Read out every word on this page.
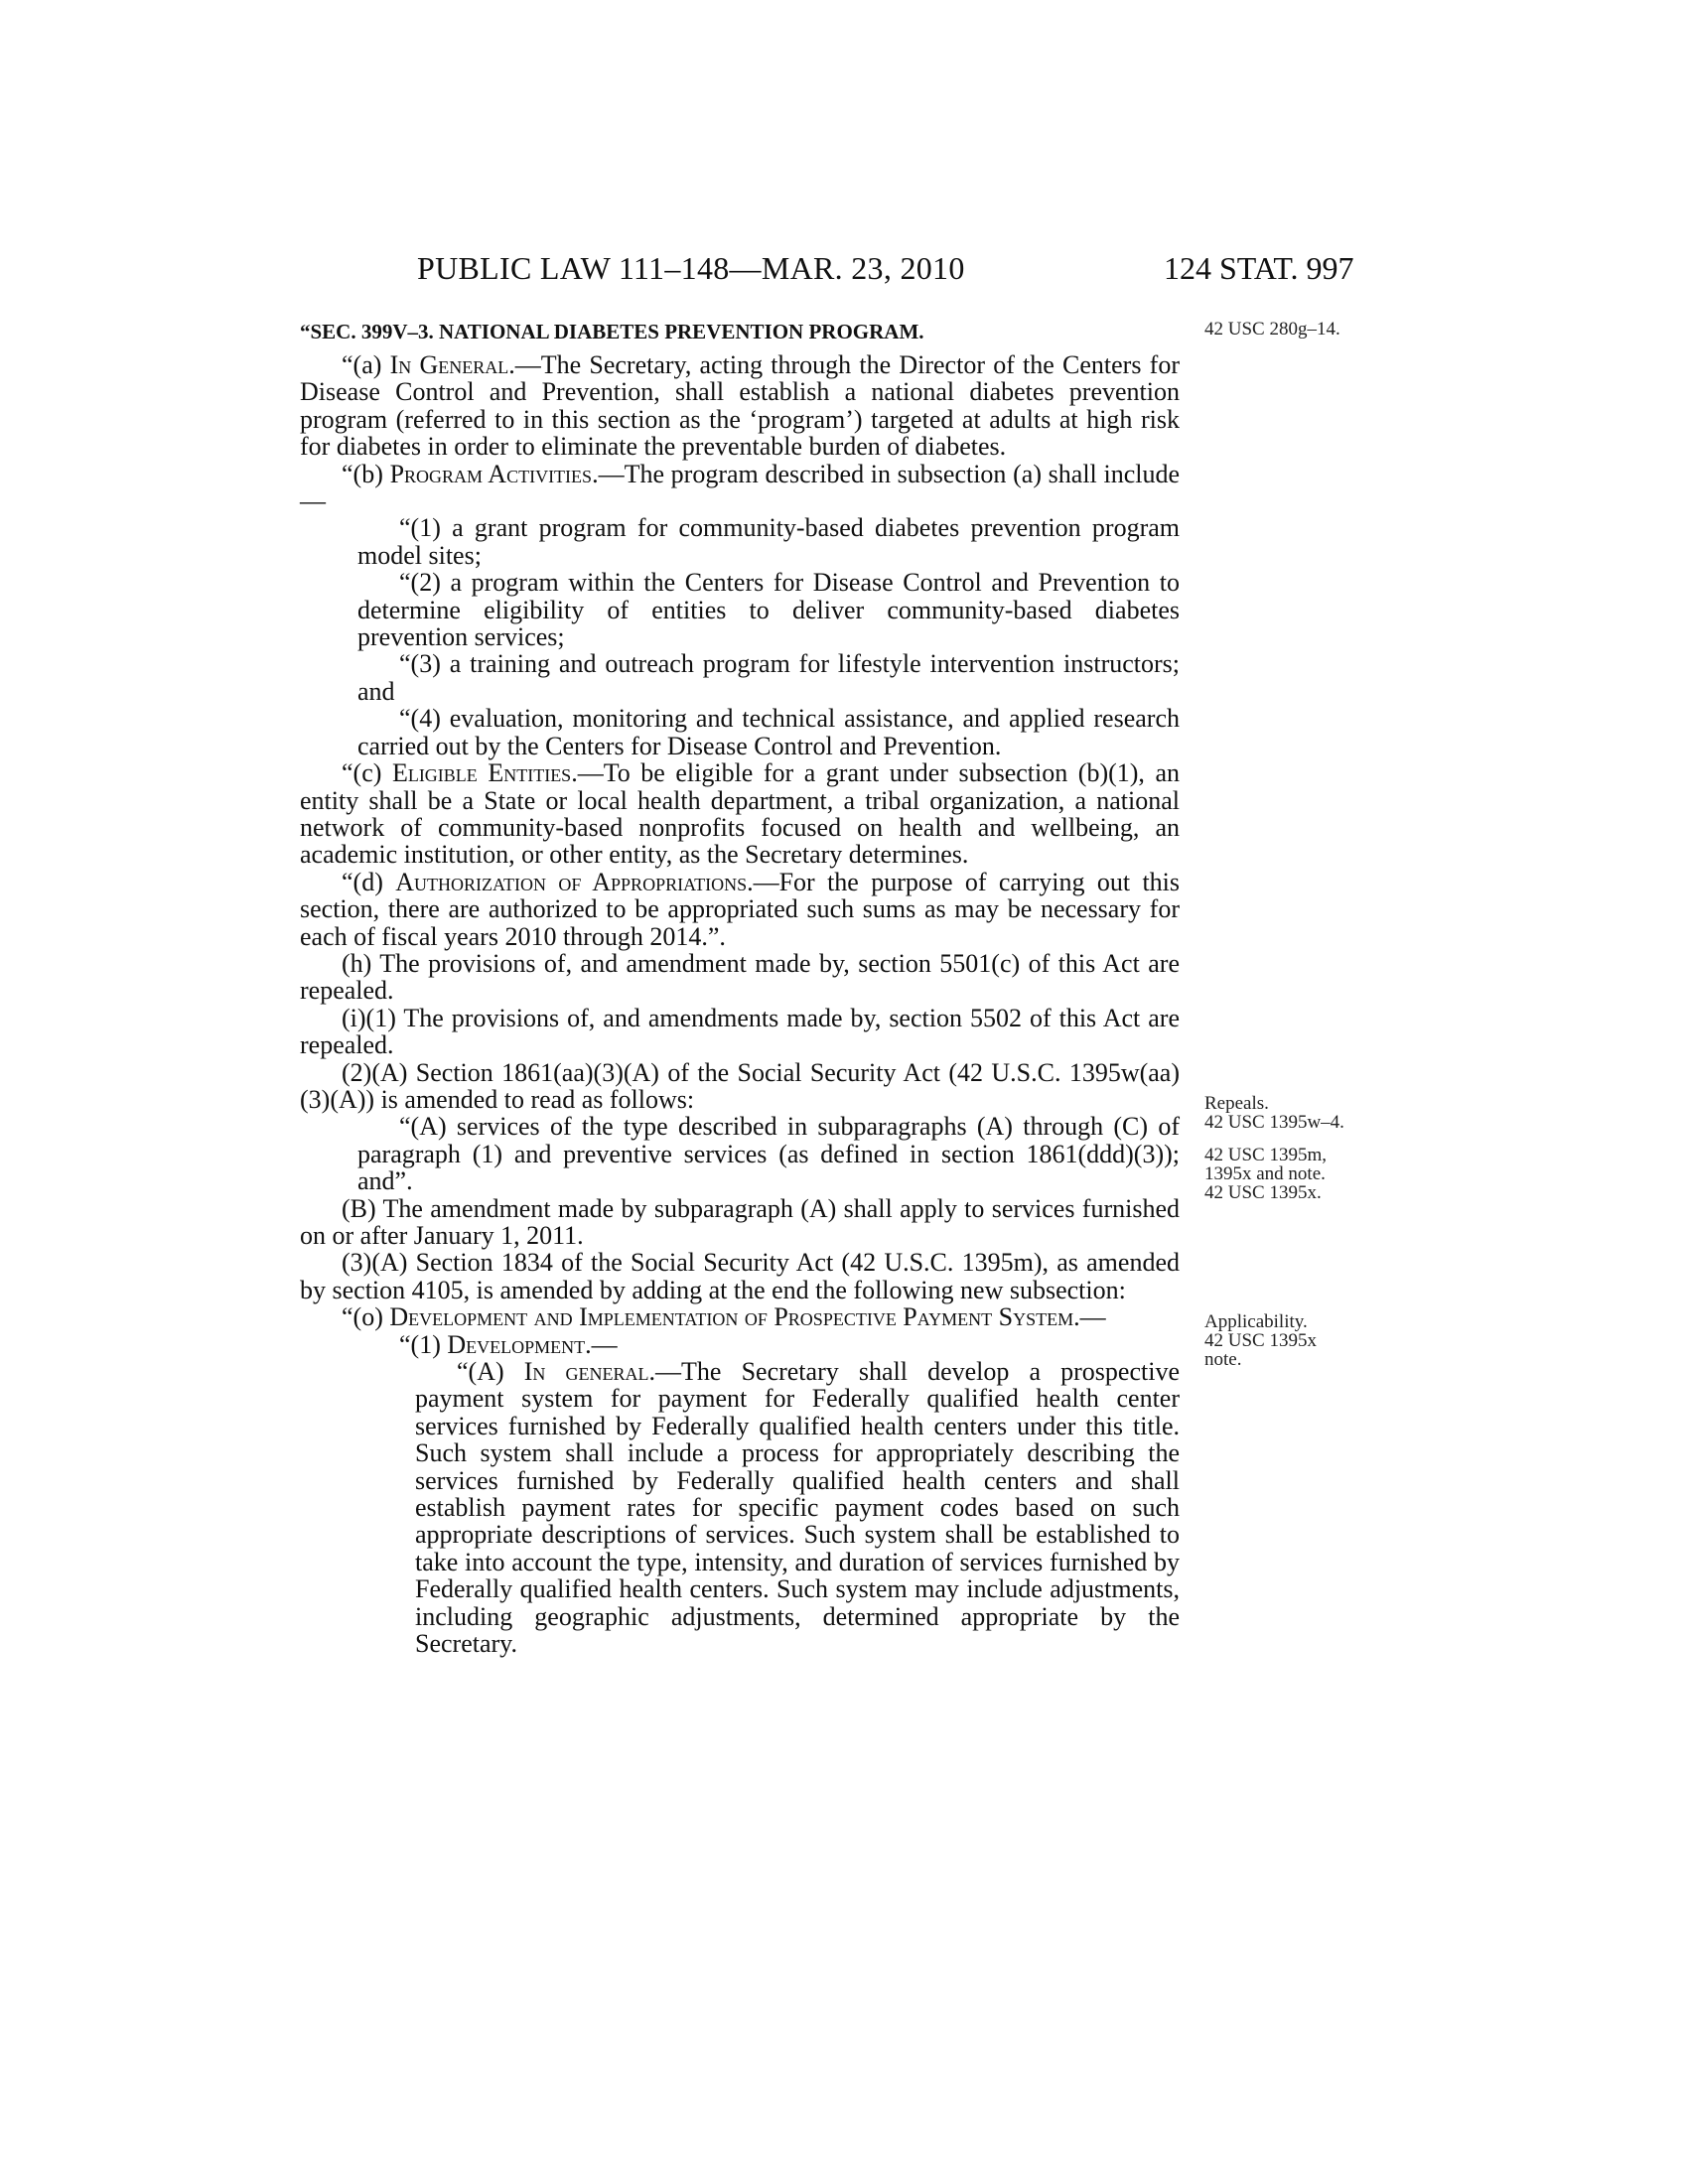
PUBLIC LAW 111–148—MAR. 23, 2010	124 STAT. 997
“SEC. 399V–3. NATIONAL DIABETES PREVENTION PROGRAM.

“(a) In General.—The Secretary, acting through the Director of the Centers for Disease Control and Prevention, shall establish a national diabetes prevention program (referred to in this section as the ‘program’) targeted at adults at high risk for diabetes in order to eliminate the preventable burden of diabetes.

“(b) Program Activities.—The program described in subsection (a) shall include—

“(1) a grant program for community-based diabetes prevention program model sites;

“(2) a program within the Centers for Disease Control and Prevention to determine eligibility of entities to deliver community-based diabetes prevention services;

“(3) a training and outreach program for lifestyle intervention instructors; and

“(4) evaluation, monitoring and technical assistance, and applied research carried out by the Centers for Disease Control and Prevention.

“(c) Eligible Entities.—To be eligible for a grant under subsection (b)(1), an entity shall be a State or local health department, a tribal organization, a national network of community-based nonprofits focused on health and wellbeing, an academic institution, or other entity, as the Secretary determines.

“(d) Authorization of Appropriations.—For the purpose of carrying out this section, there are authorized to be appropriated such sums as may be necessary for each of fiscal years 2010 through 2014.”.

(h) The provisions of, and amendment made by, section 5501(c) of this Act are repealed.

(i)(1) The provisions of, and amendments made by, section 5502 of this Act are repealed.

(2)(A) Section 1861(aa)(3)(A) of the Social Security Act (42 U.S.C. 1395w(aa)(3)(A)) is amended to read as follows:

“(A) services of the type described in subparagraphs (A) through (C) of paragraph (1) and preventive services (as defined in section 1861(ddd)(3)); and”.

(B) The amendment made by subparagraph (A) shall apply to services furnished on or after January 1, 2011.

(3)(A) Section 1834 of the Social Security Act (42 U.S.C. 1395m), as amended by section 4105, is amended by adding at the end the following new subsection:

“(o) Development and Implementation of Prospective Payment System.—

“(1) Development.—

“(A) In general.—The Secretary shall develop a prospective payment system for payment for Federally qualified health center services furnished by Federally qualified health centers under this title. Such system shall include a process for appropriately describing the services furnished by Federally qualified health centers and shall establish payment rates for specific payment codes based on such appropriate descriptions of services. Such system shall be established to take into account the type, intensity, and duration of services furnished by Federally qualified health centers. Such system may include adjustments, including geographic adjustments, determined appropriate by the Secretary.

42 USC 280g–14.
Repeals.
42 USC 1395w–4.
42 USC 1395m,
1395x and note.
42 USC 1395x.
Applicability.
42 USC 1395x
note.
